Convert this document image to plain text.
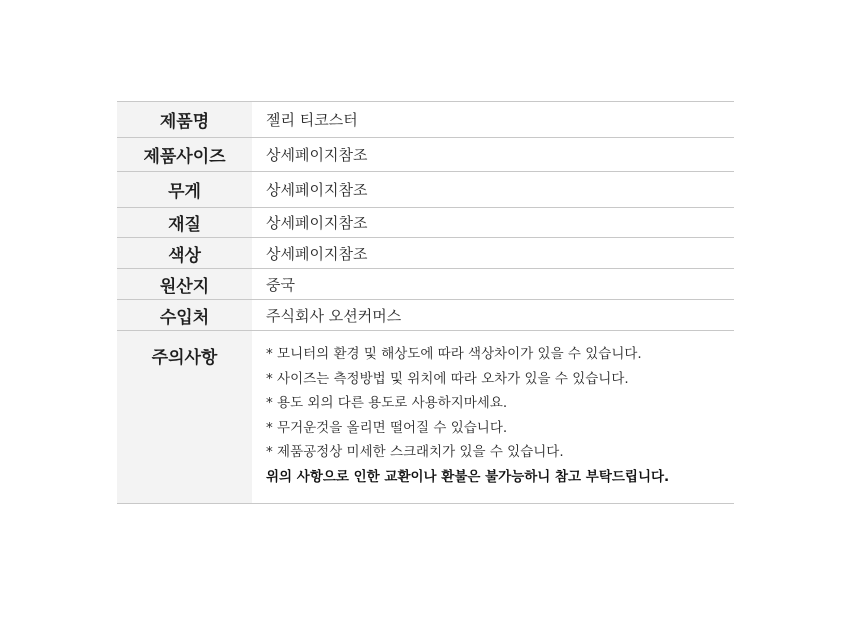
제품명	젤리 티코스터
제품사이즈	상세페이지참조
무게	상세페이지참조
재질	상세페이지참조
색상	상세페이지참조
원산지	중국
수입처	주식회사 오션커머스
주의사항	* 모니터의 환경 및 해상도에 따라 색상차이가 있을 수 있습니다.
* 사이즈는 측정방법 및 위치에 따라 오차가 있을 수 있습니다.
* 용도 외의 다른 용도로 사용하지마세요.
* 무거운것을 올리면 떨어질 수 있습니다.
* 제품공정상 미세한 스크래치가 있을 수 있습니다.
위의 사항으로 인한 교환이나 환불은 불가능하니 참고 부탁드립니다.
